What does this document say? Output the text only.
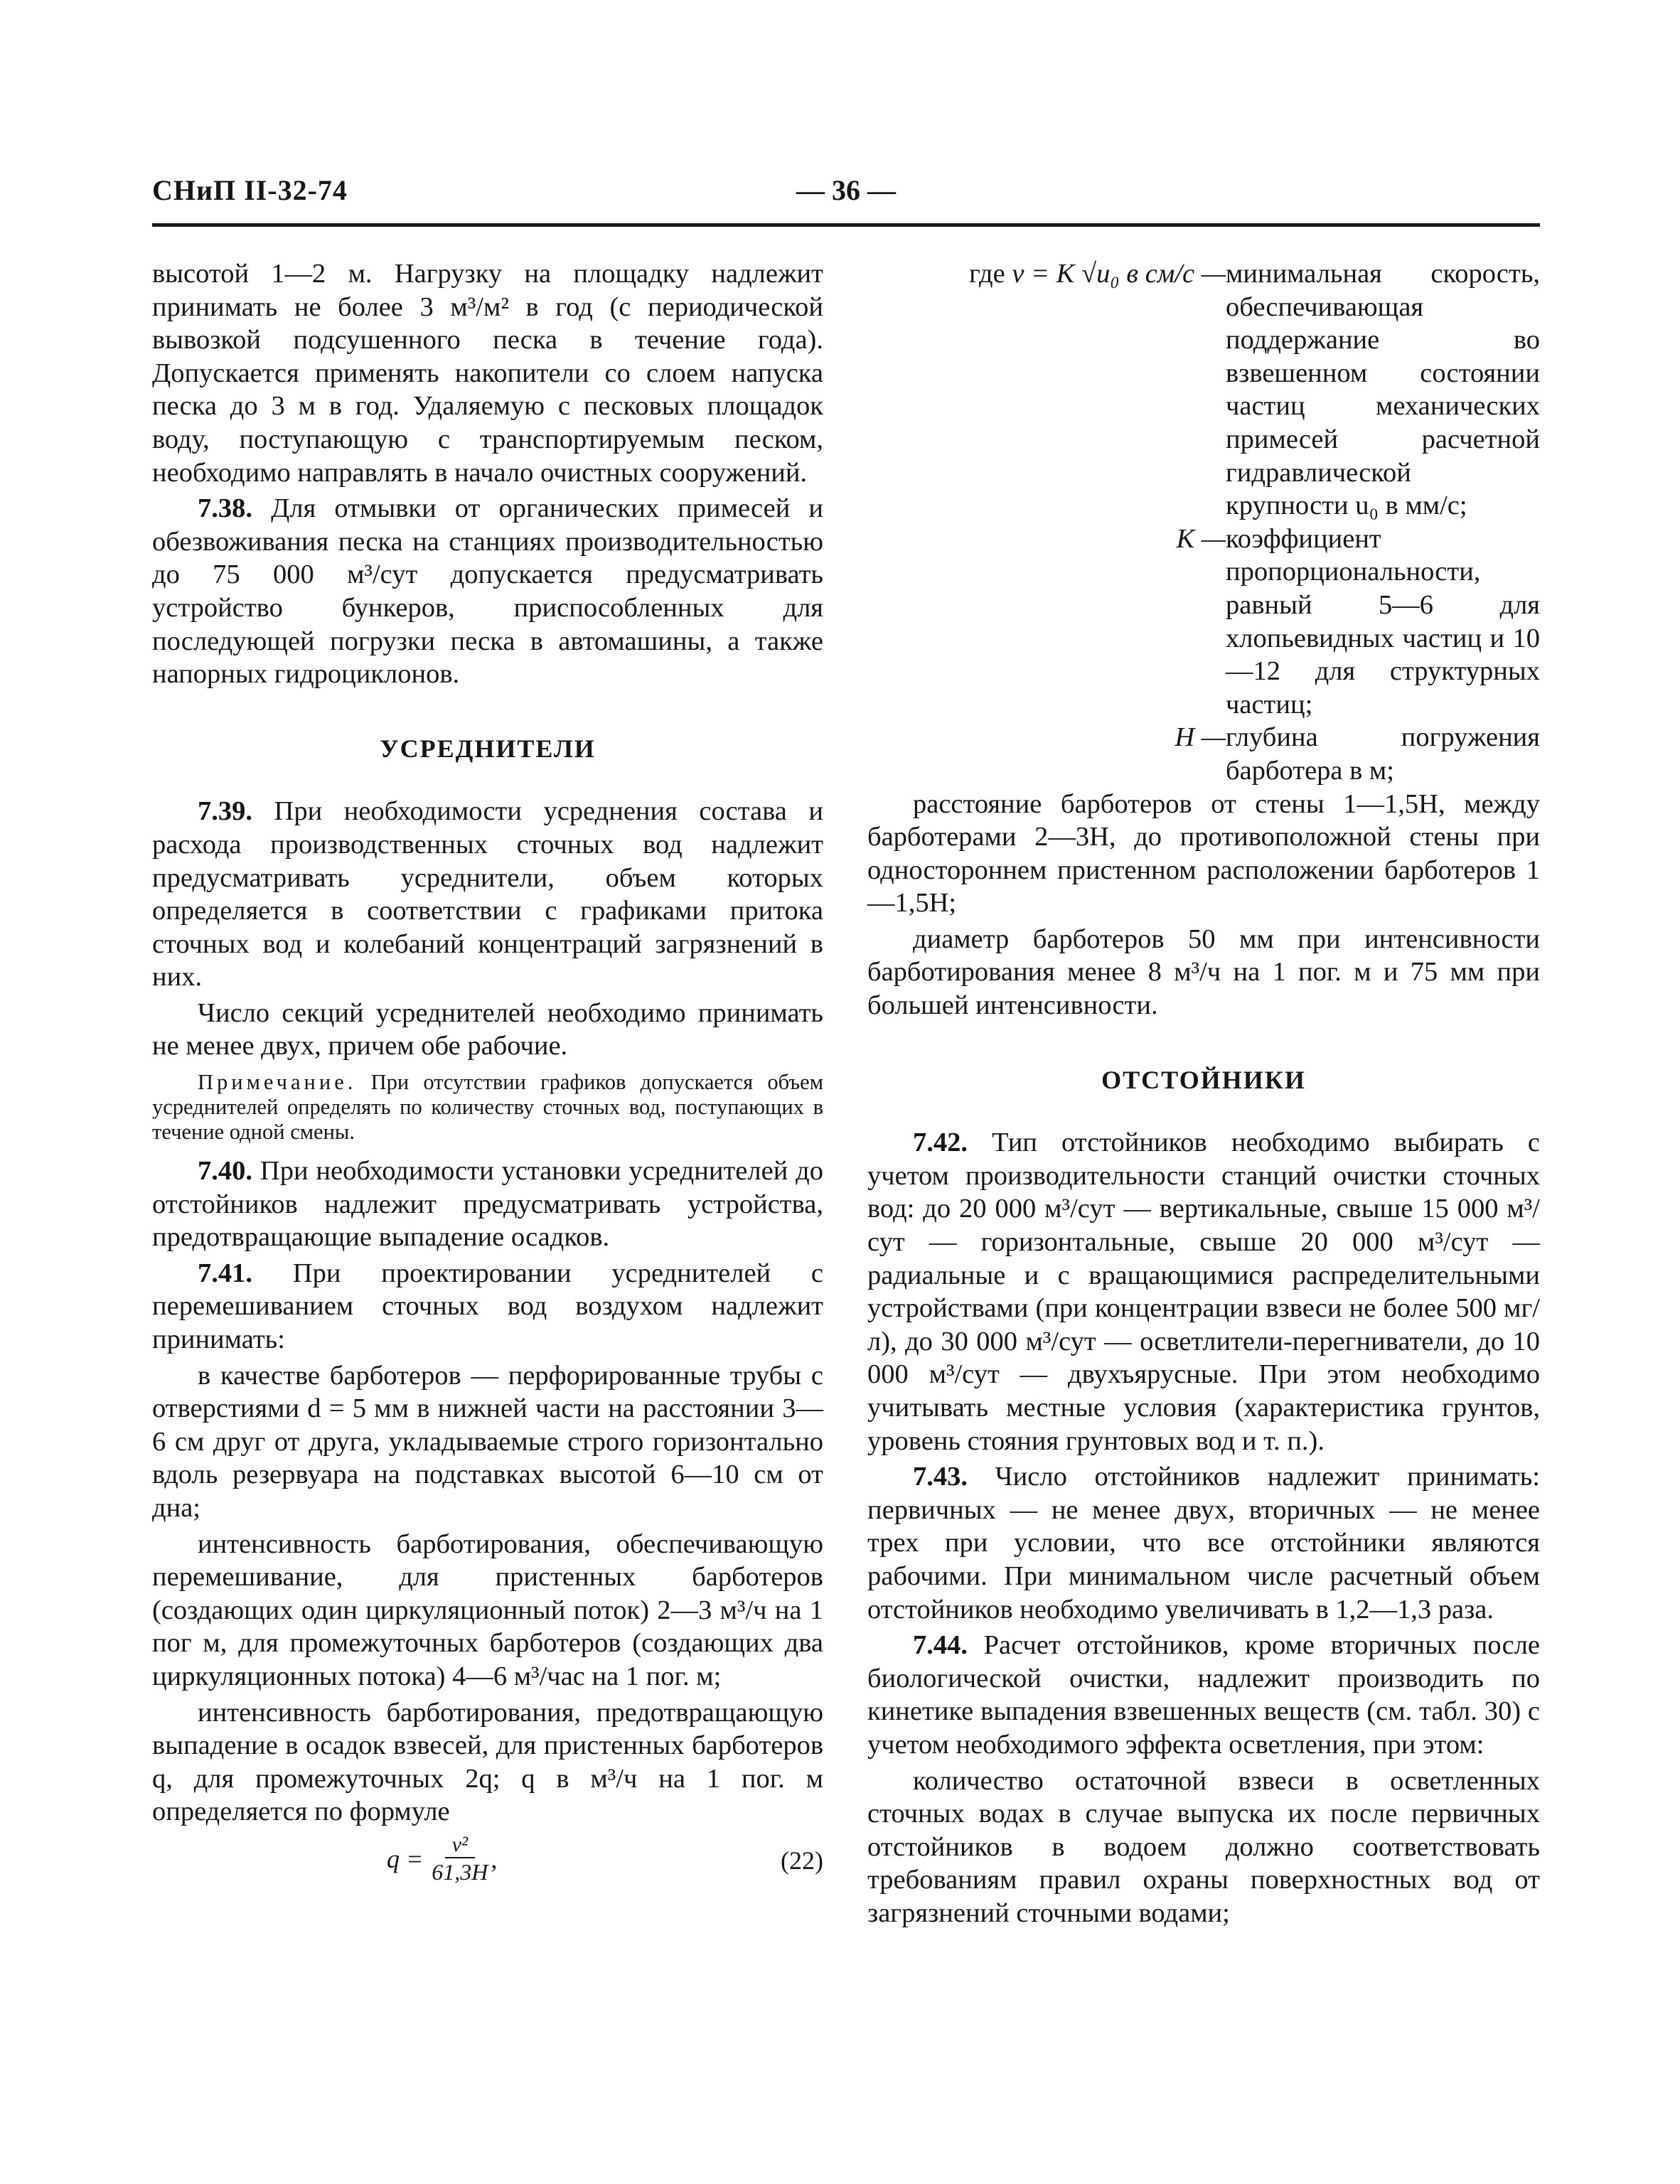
СНиП II-32-74	— 36 —

высотой 1—2 м. Нагрузку на площадку надлежит принимать не более 3 м³/м² в год (с периодической вывозкой подсушенного песка в течение года). Допускается применять накопители со слоем напуска песка до 3 м в год. Удаляемую с песковых площадок воду, поступающую с транспортируемым песком, необходимо направлять в начало очистных сооружений.

7.38. Для отмывки от органических примесей и обезвоживания песка на станциях производительностью до 75 000 м³/сут допускается предусматривать устройство бункеров, приспособленных для последующей погрузки песка в автомашины, а также напорных гидроциклонов.

УСРЕДНИТЕЛИ

7.39. При необходимости усреднения состава и расхода производственных сточных вод надлежит предусматривать усреднители, объем которых определяется в соответствии с графиками притока сточных вод и колебаний концентраций загрязнений в них.

Число секций усреднителей необходимо принимать не менее двух, причем обе рабочие.

Примечание. При отсутствии графиков допускается объем усреднителей определять по количеству сточных вод, поступающих в течение одной смены.

7.40. При необходимости установки усреднителей до отстойников надлежит предусматривать устройства, предотвращающие выпадение осадков.

7.41. При проектировании усреднителей с перемешиванием сточных вод воздухом надлежит принимать:

в качестве барботеров — перфорированные трубы с отверстиями d = 5 мм в нижней части на расстоянии 3—6 см друг от друга, укладываемые строго горизонтально вдоль резервуара на подставках высотой 6—10 см от дна;

интенсивность барботирования, обеспечивающую перемешивание, для пристенных барботеров (создающих один циркуляционный поток) 2—3 м³/ч на 1 пог м, для промежуточных барботеров (создающих два циркуляционных потока) 4—6 м³/час на 1 пог. м;

интенсивность барботирования, предотвращающую выпадение в осадок взвесей, для пристенных барботеров q, для промежуточных 2q; q в м³/ч на 1 пог. м определяется по формуле

$q = \frac{\text{v²}}{61,3H}$ ,	(22)
где v = K √u₀ в см/с — минимальная скорость, обеспечивающая поддержание во взвешенном состоянии частиц механических примесей расчетной гидравлической крупности u₀ в мм/с;
K — коэффициент пропорциональности, равный 5—6 для хлопьевидных частиц и 10—12 для структурных частиц;
H — глубина погружения барботера в м;

расстояние барботеров от стены 1—1,5H, между барботерами 2—3H, до противоположной стены при одностороннем пристенном расположении барботеров 1—1,5H;

диаметр барботеров 50 мм при интенсивности барботирования менее 8 м³/ч на 1 пог. м и 75 мм при большей интенсивности.

ОТСТОЙНИКИ

7.42. Тип отстойников необходимо выбирать с учетом производительности станций очистки сточных вод: до 20 000 м³/сут — вертикальные, свыше 15 000 м³/сут — горизонтальные, свыше 20 000 м³/сут — радиальные и с вращающимися распределительными устройствами (при концентрации взвеси не более 500 мг/л), до 30 000 м³/сут — осветлители-перегниватели, до 10 000 м³/сут — двухъярусные. При этом необходимо учитывать местные условия (характеристика грунтов, уровень стояния грунтовых вод и т. п.).

7.43. Число отстойников надлежит принимать: первичных — не менее двух, вторичных — не менее трех при условии, что все отстойники являются рабочими. При минимальном числе расчетный объем отстойников необходимо увеличивать в 1,2—1,3 раза.

7.44. Расчет отстойников, кроме вторичных после биологической очистки, надлежит производить по кинетике выпадения взвешенных веществ (см. табл. 30) с учетом необходимого эффекта осветления, при этом:

количество остаточной взвеси в осветленных сточных водах в случае выпуска их после первичных отстойников в водоем должно соответствовать требованиям правил охраны поверхностных вод от загрязнений сточными водами;
